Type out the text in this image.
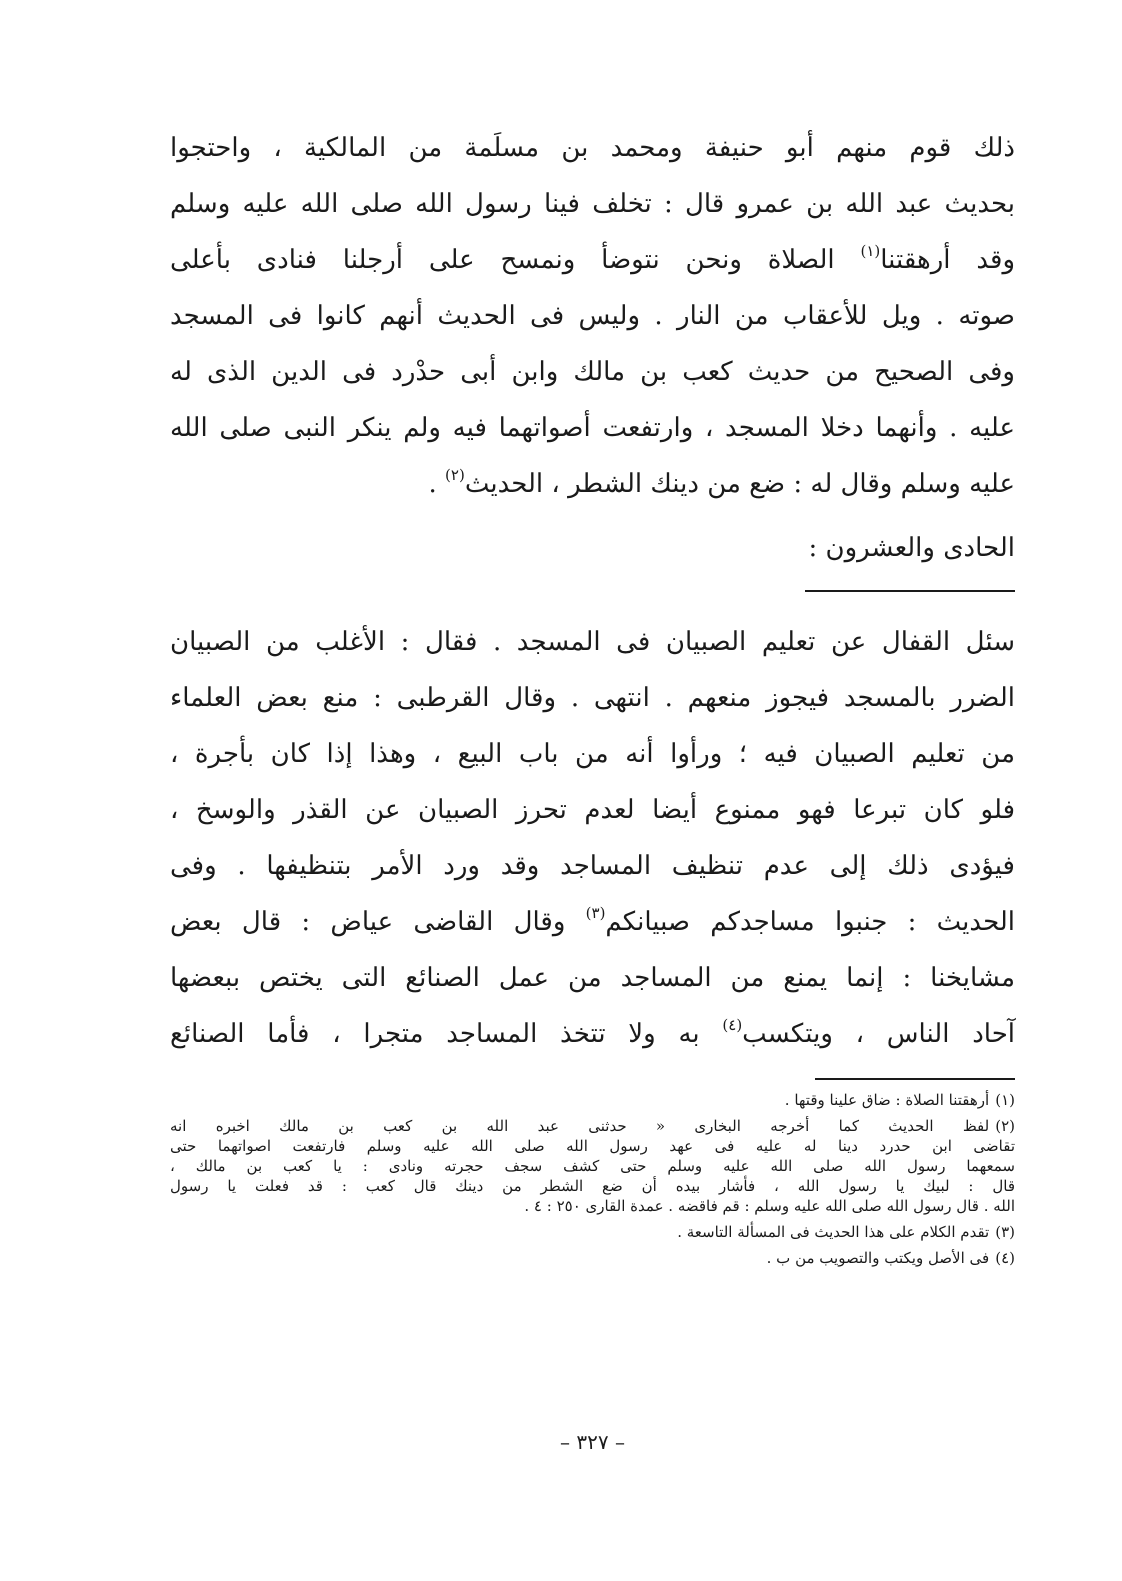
ذلك قوم منهم أبو حنيفة ومحمد بن مسلَمة من المالكية ، واحتجوا
بحديث عبد الله بن عمرو قال : تخلف فينا رسول الله صلى الله عليه وسلم
وقد أرهقتنا$^{(١)}$ الصلاة ونحن نتوضأ ونمسح على أرجلنا فنادى بأعلى
صوته . ويل للأعقاب من النار . وليس فى الحديث أنهم كانوا فى المسجد
وفى الصحيح من حديث كعب بن مالك وابن أبى حدْرد فى الدين الذى له
عليه . وأنهما دخلا المسجد ، وارتفعت أصواتهما فيه ولم ينكر النبى صلى الله
عليه وسلم وقال له : ضع من دينك الشطر ، الحديث$^{(٢)}$ .
الحادى والعشرون :
سئل القفال عن تعليم الصبيان فى المسجد . فقال : الأغلب من الصبيان
الضرر بالمسجد فيجوز منعهم . انتهى . وقال القرطبى : منع بعض العلماء
من تعليم الصبيان فيه ؛ ورأوا أنه من باب البيع ، وهذا إذا كان بأجرة ،
فلو كان تبرعا فهو ممنوع أيضا لعدم تحرز الصبيان عن القذر والوسخ ،
فيؤدى ذلك إلى عدم تنظيف المساجد وقد ورد الأمر بتنظيفها . وفى
الحديث : جنبوا مساجدكم صبيانكم$^{(٣)}$ وقال القاضى عياض : قال بعض
مشايخنا : إنما يمنع من المساجد من عمل الصنائع التى يختص ببعضها
آحاد الناس ، ويتكسب$^{(٤)}$ به ولا تتخذ المساجد متجرا ، فأما الصنائع
(١)أرهقتنا الصلاة : ضاق علينا وقتها .
(٢)لفظ الحديث كما أخرجه البخارى « حدثنى عبد الله بن كعب بن مالك اخبره انه
تقاضى ابن حدرد دينا له عليه فى عهد رسول الله صلى الله عليه وسلم فارتفعت اصواتهما حتى
سمعهما رسول الله صلى الله عليه وسلم حتى كشف سجف حجرته ونادى : يا كعب بن مالك ،
قال : لبيك يا رسول الله ، فأشار بيده أن ضع الشطر من دينك قال كعب : قد فعلت يا رسول
الله . قال رسول الله صلى الله عليه وسلم : قم فاقضه . عمدة القارى ٢٥٠ : ٤ .
(٣)تقدم الكلام على هذا الحديث فى المسألة التاسعة .
(٤)فى الأصل ويكتب والتصويب من ب .
– ٣٢٧ –
